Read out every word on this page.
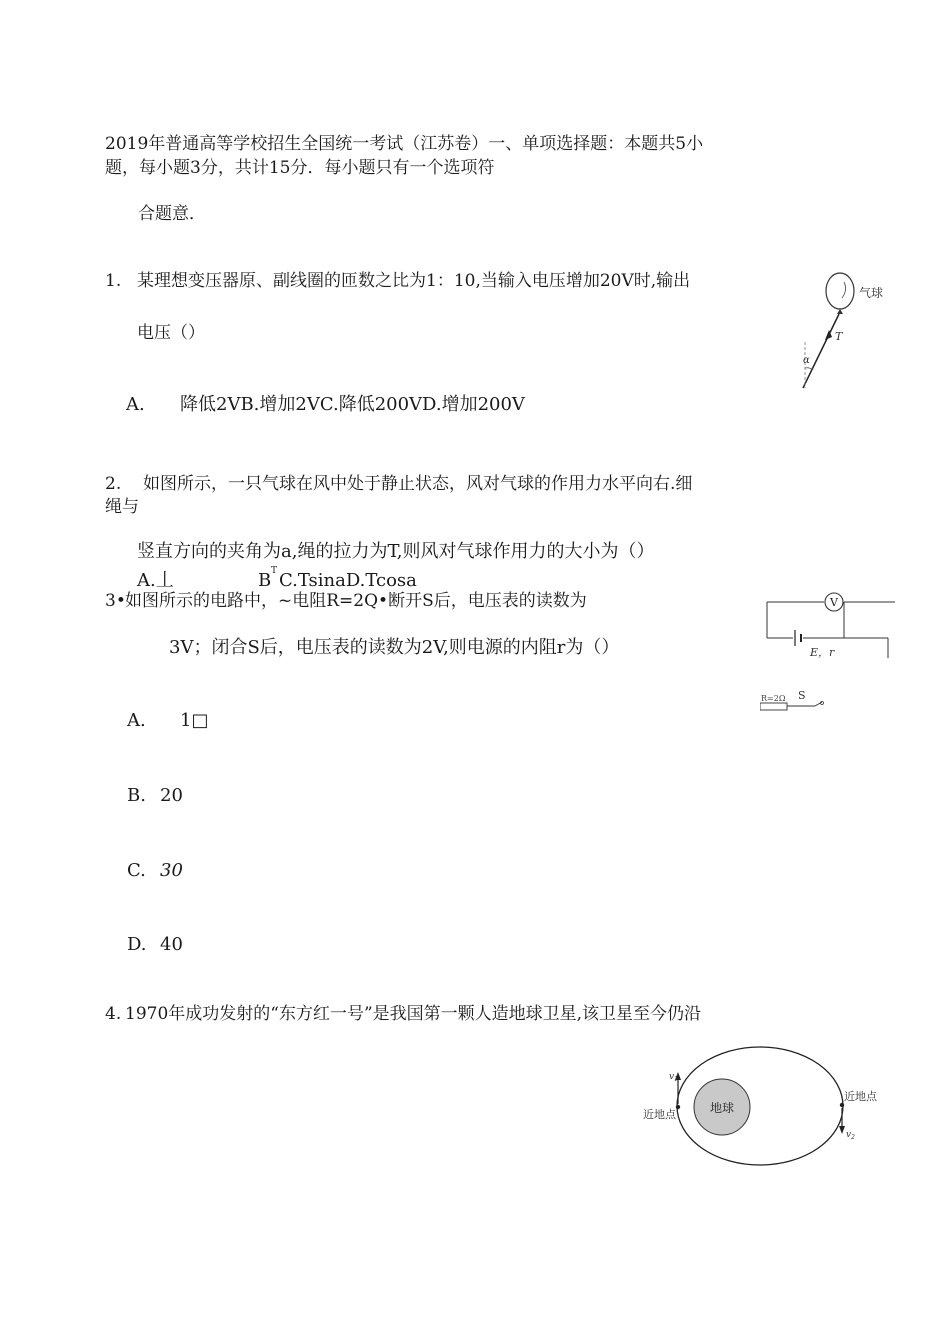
2019年普通高等学校招生全国统一考试（江苏卷）一、单项选择题：本题共5小
题，每小题3分，共计15分．每小题只有一个选项符
合题意．
1. 某理想变压器原、副线圈的匝数之比为1：10,当输入电压增加20V时,输出
电压（）
A. 降低2VB.增加2VC.降低200VD.增加200V
气球
T
α
2. 如图所示，一只气球在风中处于静止状态，风对气球的作用力水平向右.细
绳与
竖直方向的夹角为a,绳的拉力为T,则风对气球作用力的大小为（）
A.丄	B T C.TsinaD.Tcosa
3• 如图所示的电路中，~电阻R=2Q•断开S后，电压表的读数为
3V；闭合S后，电压表的读数为2V,则电源的内阻r为（）
A. 1□
B. 20
C. 30
D. 40
V
E，r
R=2Ω S
4. 1970年成功发射的“东方红一号”是我国第一颗人造地球卫星,该卫星至今仍沿
地球
$v_1$
$v_2$
近地点
近地点
